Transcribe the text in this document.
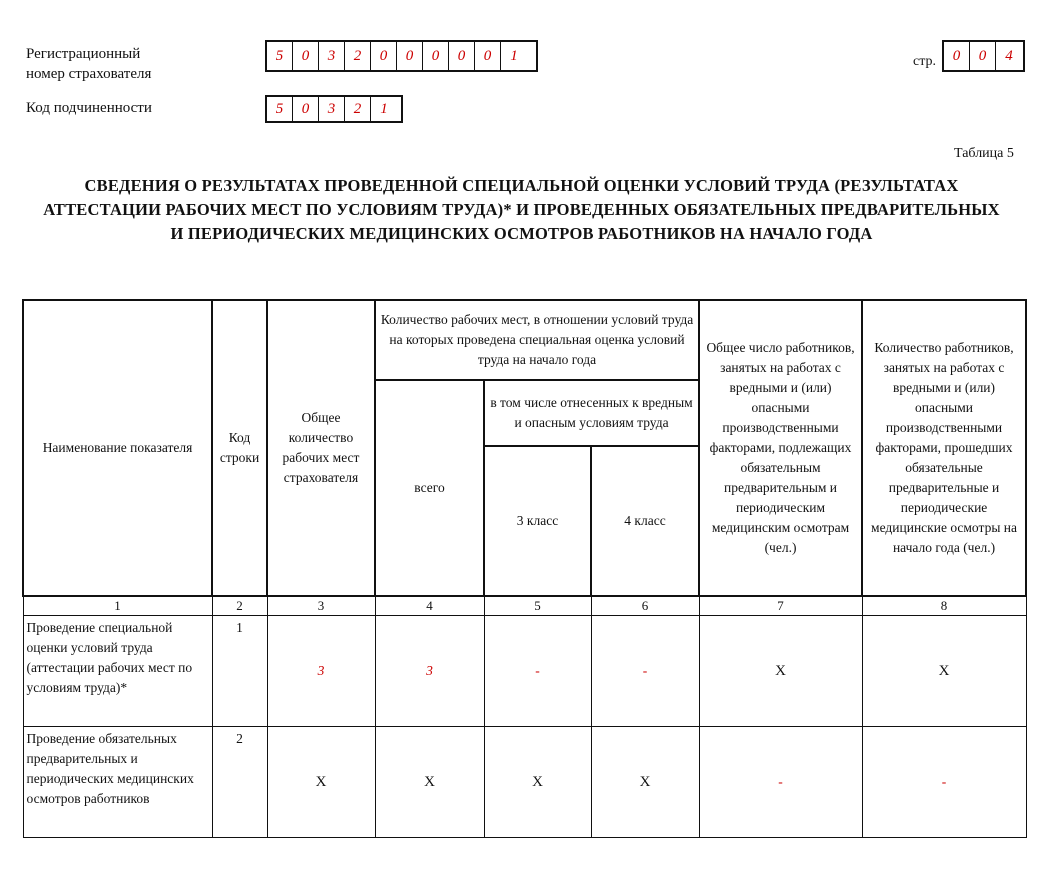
Регистрационный
номер страхователя
5	0	3	2	0	0	0	0	0	1
Код подчиненности	5	0	3	2	1
стр.	0	0	4
Таблица 5
СВЕДЕНИЯ О РЕЗУЛЬТАТАХ ПРОВЕДЕННОЙ СПЕЦИАЛЬНОЙ ОЦЕНКИ УСЛОВИЙ ТРУДА (РЕЗУЛЬТАТАХ АТТЕСТАЦИИ РАБОЧИХ МЕСТ ПО УСЛОВИЯМ ТРУДА)* И ПРОВЕДЕННЫХ ОБЯЗАТЕЛЬНЫХ ПРЕДВАРИТЕЛЬНЫХ И ПЕРИОДИЧЕСКИХ МЕДИЦИНСКИХ ОСМОТРОВ РАБОТНИКОВ НА НАЧАЛО ГОДА
Наименование показателя	Код строки	Общее количество рабочих мест страхователя	Количество рабочих мест, в отношении условий труда на которых проведена специальная оценка условий труда на начало года			Общее число работников, занятых на работах с вредными и (или) опасными производственными факторами, подлежащих обязательным предварительным и периодическим медицинским осмотрам (чел.)	Количество работников, занятых на работах с вредными и (или) опасными производственными факторами, прошедших обязательные предварительные и периодические медицинские осмотры на начало года (чел.)
			всего	в том числе отнесенных к вредным и опасным условиям труда			
				3 класс	4 класс		
1	2	3	4	5	6	7	8
Проведение специальной оценки условий труда (аттестации рабочих мест по условиям труда)*	1	3	3	-	-	X	X
Проведение обязательных предварительных и периодических медицинских осмотров работников	2	X	X	X	X	-	-
